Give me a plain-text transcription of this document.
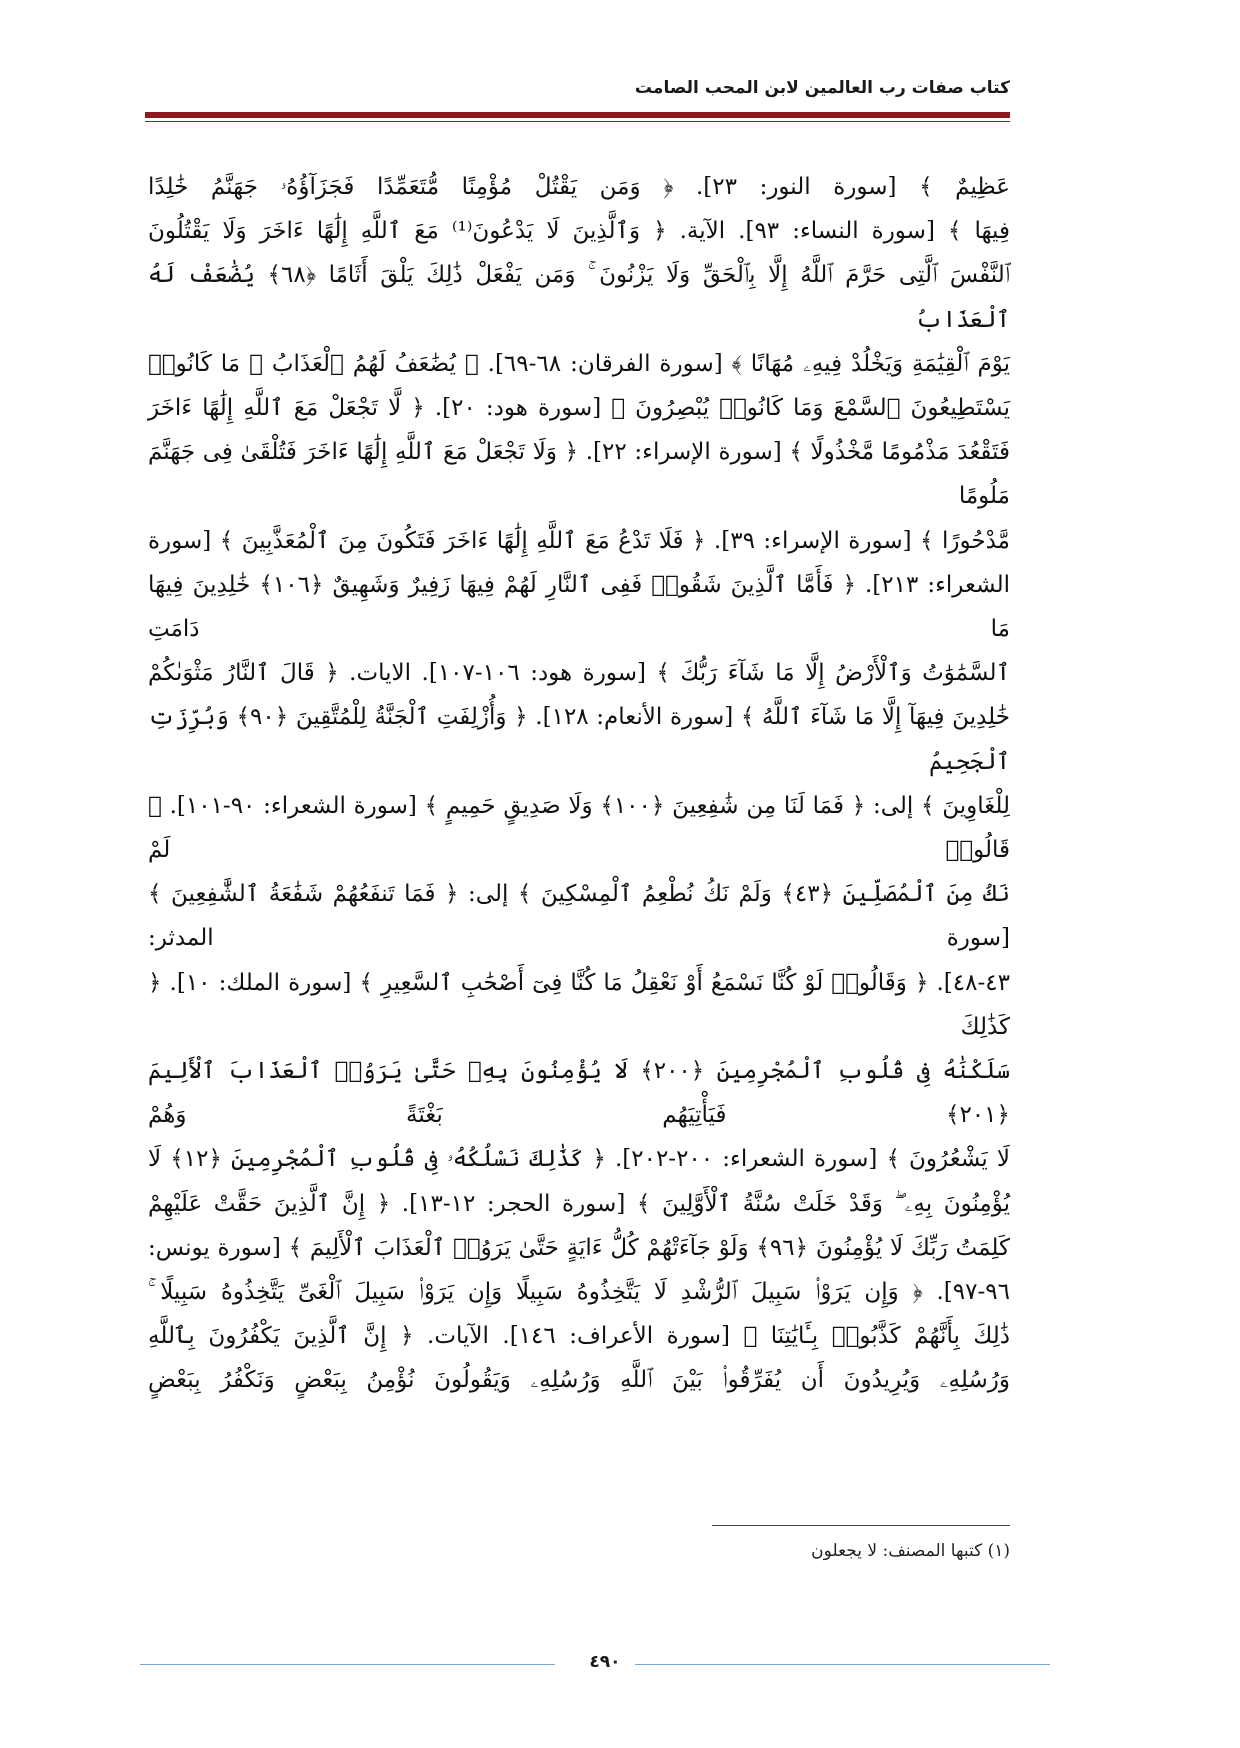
كتاب صفات رب العالمين لابن المحب الصامت

عَظِيمٌ ﴾ [سورة النور: ٢٣]. ﴿ وَمَن يَقْتُلْ مُؤْمِنًا مُّتَعَمِّدًا فَجَزَآؤُهُۥ جَهَنَّمُ خَٰلِدًا

فِيهَا ﴾ [سورة النساء: ٩٣]. الآية. ﴿ وَٱلَّذِينَ لَا يَدْعُونَ⁽¹⁾ مَعَ ٱللَّهِ إِلَٰهًا ءَاخَرَ وَلَا يَقْتُلُونَ

ٱلنَّفْسَ ٱلَّتِى حَرَّمَ ٱللَّهُ إِلَّا بِٱلْحَقِّ وَلَا يَزْنُونَ ۚ وَمَن يَفْعَلْ ذَٰلِكَ يَلْقَ أَثَامًا ﴿٦٨﴾ يُضَٰعَفْ لَهُ ٱلْعَذَابُ

يَوْمَ ٱلْقِيَٰمَةِ وَيَخْلُدْ فِيهِۦ مُهَانًا ﴾ [سورة الفرقان: ٦٨-٦٩]. ﴿ يُضَٰعَفُ لَهُمُ ٱلْعَذَابُ ۚ مَا كَانُوا۟

يَسْتَطِيعُونَ ٱلسَّمْعَ وَمَا كَانُوا۟ يُبْصِرُونَ ﴾ [سورة هود: ٢٠]. ﴿ لَّا تَجْعَلْ مَعَ ٱللَّهِ إِلَٰهًا ءَاخَرَ

فَتَقْعُدَ مَذْمُومًا مَّخْذُولًا ﴾ [سورة الإسراء: ٢٢]. ﴿ وَلَا تَجْعَلْ مَعَ ٱللَّهِ إِلَٰهًا ءَاخَرَ فَتُلْقَىٰ فِى جَهَنَّمَ مَلُومًا

مَّدْحُورًا ﴾ [سورة الإسراء: ٣٩]. ﴿ فَلَا تَدْعُ مَعَ ٱللَّهِ إِلَٰهًا ءَاخَرَ فَتَكُونَ مِنَ ٱلْمُعَذَّبِينَ ﴾ [سورة

الشعراء: ٢١٣]. ﴿ فَأَمَّا ٱلَّذِينَ شَقُوا۟ فَفِى ٱلنَّارِ لَهُمْ فِيهَا زَفِيرٌ وَشَهِيقٌ ﴿١٠٦﴾ خَٰلِدِينَ فِيهَا مَا دَامَتِ

ٱلسَّمَٰوَٰتُ وَٱلْأَرْضُ إِلَّا مَا شَآءَ رَبُّكَ ﴾ [سورة هود: ١٠٦-١٠٧]. الايات. ﴿ قَالَ ٱلنَّارُ مَثْوَىٰكُمْ

خَٰلِدِينَ فِيهَآ إِلَّا مَا شَآءَ ٱللَّهُ ﴾ [سورة الأنعام: ١٢٨]. ﴿ وَأُزْلِفَتِ ٱلْجَنَّةُ لِلْمُتَّقِينَ ﴿٩٠﴾ وَبُرِّزَتِ ٱلْجَحِيمُ

لِلْغَاوِينَ ﴾ إلى: ﴿ فَمَا لَنَا مِن شَٰفِعِينَ ﴿١٠٠﴾ وَلَا صَدِيقٍ حَمِيمٍ ﴾ [سورة الشعراء: ٩٠-١٠١]. ﴿ قَالُوا۟ لَمْ

نَكُ مِنَ ٱلْمُصَلِّينَ ﴿٤٣﴾ وَلَمْ نَكُ نُطْعِمُ ٱلْمِسْكِينَ ﴾ إلى: ﴿ فَمَا تَنفَعُهُمْ شَفَٰعَةُ ٱلشَّٰفِعِينَ ﴾ [سورة المدثر:

٤٣-٤٨]. ﴿ وَقَالُوا۟ لَوْ كُنَّا نَسْمَعُ أَوْ نَعْقِلُ مَا كُنَّا فِىٓ أَصْحَٰبِ ٱلسَّعِيرِ ﴾ [سورة الملك: ١٠]. ﴿ كَذَٰلِكَ

سَلَكْنَٰهُ فِى قُلُوبِ ٱلْمُجْرِمِينَ ﴿٢٠٠﴾ لَا يُؤْمِنُونَ بِهِۦ حَتَّىٰ يَرَوُا۟ ٱلْعَذَابَ ٱلْأَلِيمَ ﴿٢٠١﴾ فَيَأْتِيَهُم بَغْتَةً وَهُمْ

لَا يَشْعُرُونَ ﴾ [سورة الشعراء: ٢٠٠-٢٠٢]. ﴿ كَذَٰلِكَ نَسْلُكُهُۥ فِى قُلُوبِ ٱلْمُجْرِمِينَ ﴿١٢﴾ لَا

يُؤْمِنُونَ بِهِۦ ۖ وَقَدْ خَلَتْ سُنَّةُ ٱلْأَوَّلِينَ ﴾ [سورة الحجر: ١٢-١٣]. ﴿ إِنَّ ٱلَّذِينَ حَقَّتْ عَلَيْهِمْ

كَلِمَتُ رَبِّكَ لَا يُؤْمِنُونَ ﴿٩٦﴾ وَلَوْ جَآءَتْهُمْ كُلُّ ءَايَةٍ حَتَّىٰ يَرَوُا۟ ٱلْعَذَابَ ٱلْأَلِيمَ ﴾ [سورة يونس:

٩٦-٩٧]. ﴿ وَإِن يَرَوْا۟ سَبِيلَ ٱلرُّشْدِ لَا يَتَّخِذُوهُ سَبِيلًا وَإِن يَرَوْا۟ سَبِيلَ ٱلْغَىِّ يَتَّخِذُوهُ سَبِيلًا ۚ

ذَٰلِكَ بِأَنَّهُمْ كَذَّبُوا۟ بِـَٔايَٰتِنَا ﴾ [سورة الأعراف: ١٤٦]. الآيات. ﴿ إِنَّ ٱلَّذِينَ يَكْفُرُونَ بِٱللَّهِ

وَرُسُلِهِۦ وَيُرِيدُونَ أَن يُفَرِّقُوا۟ بَيْنَ ٱللَّهِ وَرُسُلِهِۦ وَيَقُولُونَ نُؤْمِنُ بِبَعْضٍ وَنَكْفُرُ بِبَعْضٍ

(١) كتبها المصنف: لا يجعلون
٤٩٠
